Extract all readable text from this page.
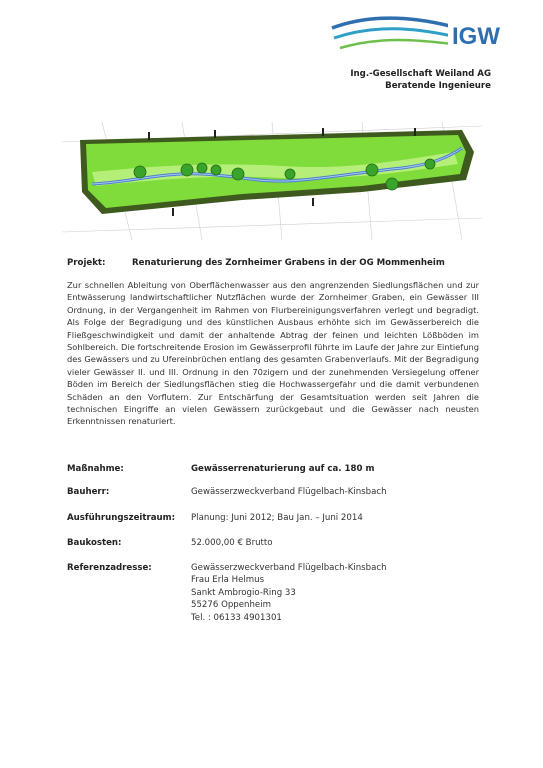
IGW
Ing.-Gesellschaft Weiland AG
Beratende Ingenieure
Projekt:	Renaturierung des Zornheimer Grabens in der OG Mommenheim
Zur schnellen Ableitung von Oberflächenwasser aus den angrenzenden Siedlungsflächen und zur Entwässerung landwirtschaftlicher Nutzflächen wurde der Zornheimer Graben, ein Gewässer III Ordnung, in der Vergangenheit im Rahmen von Flurbereinigungsverfahren verlegt und begradigt. Als Folge der Begradigung und des künstlichen Ausbaus erhöhte sich im Gewässerbereich die Fließgeschwindigkeit und damit der anhaltende Abtrag der feinen und leichten Lößböden im Sohlbereich. Die fortschreitende Erosion im Gewässerprofil führte im Laufe der Jahre zur Eintiefung des Gewässers und zu Ufereinbrüchen entlang des gesamten Grabenverlaufs. Mit der Begradigung vieler Gewässer II. und III. Ordnung in den 70zigern und der zunehmenden Versiegelung offener Böden im Bereich der Siedlungsflächen stieg die Hochwassergefahr und die damit verbundenen Schäden an den Vorflutern. Zur Entschärfung der Gesamtsituation werden seit Jahren die technischen Eingriffe an vielen Gewässern zurückgebaut und die Gewässer nach neusten Erkenntnissen renaturiert.
Maßnahme:	Gewässerrenaturierung auf ca. 180 m
Bauherr:	Gewässerzweckverband Flügelbach-Kinsbach
Ausführungszeitraum: Planung: Juni 2012; Bau Jan. – Juni 2014
Baukosten:	52.000,00 € Brutto
Referenzadresse:	Gewässerzweckverband Flügelbach-Kinsbach
Frau Erla Helmus
Sankt Ambrogio-Ring 33
55276 Oppenheim
Tel. : 06133 4901301
